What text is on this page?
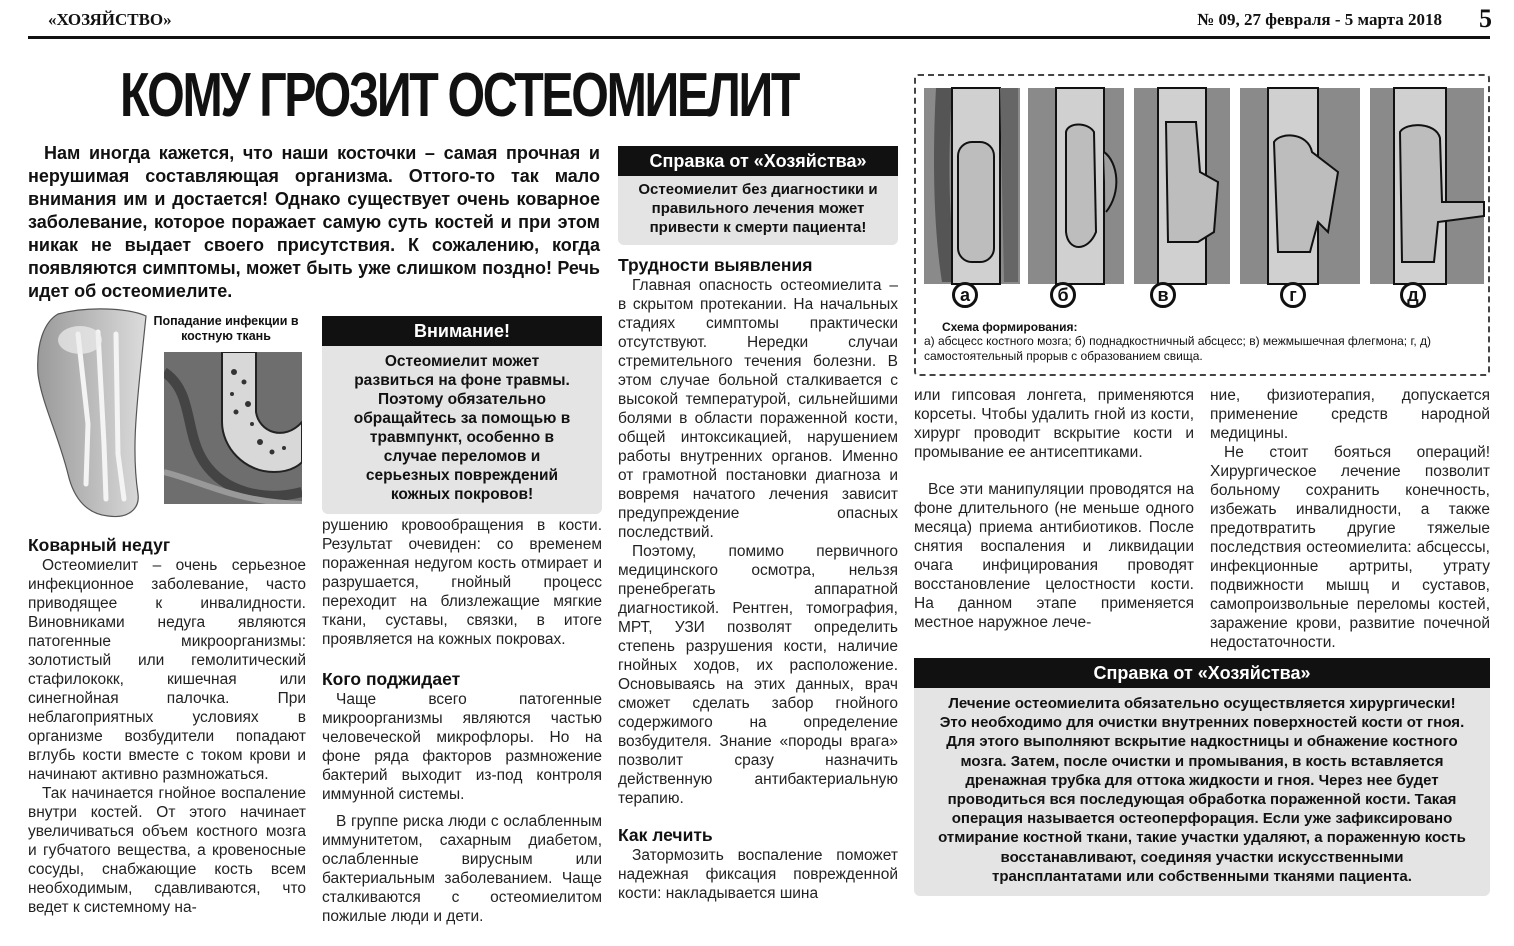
«ХОЗЯЙСТВО»	№ 09, 27 февраля - 5 марта 2018	5
КОМУ ГРОЗИТ ОСТЕОМИЕЛИТ
Нам иногда кажется, что наши косточки – самая прочная и нерушимая составляющая организма. Оттого-то так мало внимания им и достается! Однако существует очень коварное заболевание, которое поражает самую суть костей и при этом никак не выдает своего присутствия. К сожалению, когда появляются симптомы, может быть уже слишком поздно! Речь идет об остеомиелите.
Попадание инфекции в костную ткань
Коварный недуг

Остеомиелит – очень серьезное инфекционное заболевание, часто приводящее к инвалидности. Виновниками недуга являются патогенные микроорганизмы: золотистый или гемолитический стафилококк, кишечная или синегнойная палочка. При неблагоприятных условиях в организме возбудители попадают вглубь кости вместе с током крови и начинают активно размножаться.

Так начинается гнойное воспаление внутри костей. От этого начинает увеличиваться объем костного мозга и губчатого вещества, а кровеносные сосуды, снабжающие кость всем необходимым, сдавливаются, что ведет к системному на-

Внимание!
Остеомиелит может развиться на фоне травмы. Поэтому обязательно обращайтесь за помощью в травмпункт, особенно в случае переломов и серьезных повреждений кожных покровов!

рушению кровообращения в кости. Результат очевиден: со временем пораженная недугом кость отмирает и разрушается, гнойный процесс переходит на близлежащие мягкие ткани, суставы, связки, в итоге проявляется на кожных покровах.

Кого поджидает

Чаще всего патогенные микроорганизмы являются частью человеческой микрофлоры. Но на фоне ряда факторов размножение бактерий выходит из-под контроля иммунной системы.

В группе риска люди с ослабленным иммунитетом, сахарным диабетом, ослабленные вирусным или бактериальным заболеванием. Чаще сталкиваются с остеомиелитом пожилые люди и дети.

Справка от «Хозяйства»
Остеомиелит без диагностики и правильного лечения может привести к смерти пациента!
Трудности выявления

Главная опасность остеомиелита – в скрытом протекании. На начальных стадиях симптомы практически отсутствуют. Нередки случаи стремительного течения болезни. В этом случае больной сталкивается с высокой температурой, сильнейшими болями в области пораженной кости, общей интоксикацией, нарушением работы внутренних органов. Именно от грамотной постановки диагноза и вовремя начатого лечения зависит предупреждение опасных последствий.

Поэтому, помимо первичного медицинского осмотра, нельзя пренебрегать аппаратной диагностикой. Рентген, томография, МРТ, УЗИ позволят определить степень разрушения кости, наличие гнойных ходов, их расположение. Основываясь на этих данных, врач сможет сделать забор гнойного содержимого на определение возбудителя. Знание «породы врага» позволит сразу назначить действенную антибактериальную терапию.

Как лечить

Затормозить воспаление поможет надежная фиксация поврежденной кости: накладывается шина

а	б	в	г	д
Схема формирования:
а) абсцесс костного мозга; б) поднадкостничный абсцесс; в) межмышечная флегмона; г, д) самостоятельный прорыв с образованием свища.

или гипсовая лонгета, применяются корсеты. Чтобы удалить гной из кости, хирург проводит вскрытие кости и промывание ее антисептиками.

Все эти манипуляции проводятся на фоне длительного (не меньше одного месяца) приема антибиотиков. После снятия воспаления и ликвидации очага инфицирования проводят восстановление целостности кости. На данном этапе применяется местное наружное лече-

ние, физиотерапия, допускается применение средств народной медицины.

Не стоит бояться операций! Хирургическое лечение позволит больному сохранить конечность, избежать инвалидности, а также предотвратить другие тяжелые последствия остеомиелита: абсцессы, инфекционные артриты, утрату подвижности мышц и суставов, самопроизвольные переломы костей, заражение крови, развитие почечной недостаточности.

Справка от «Хозяйства»
Лечение остеомиелита обязательно осуществляется хирургически! Это необходимо для очистки внутренних поверхностей кости от гноя. Для этого выполняют вскрытие надкостницы и обнажение костного мозга. Затем, после очистки и промывания, в кость вставляется дренажная трубка для оттока жидкости и гноя. Через нее будет проводиться вся последующая обработка пораженной кости. Такая операция называется остеоперфорация. Если уже зафиксировано отмирание костной ткани, такие участки удаляют, а пораженную кость восстанавливают, соединяя участки искусственными трансплантатами или собственными тканями пациента.
